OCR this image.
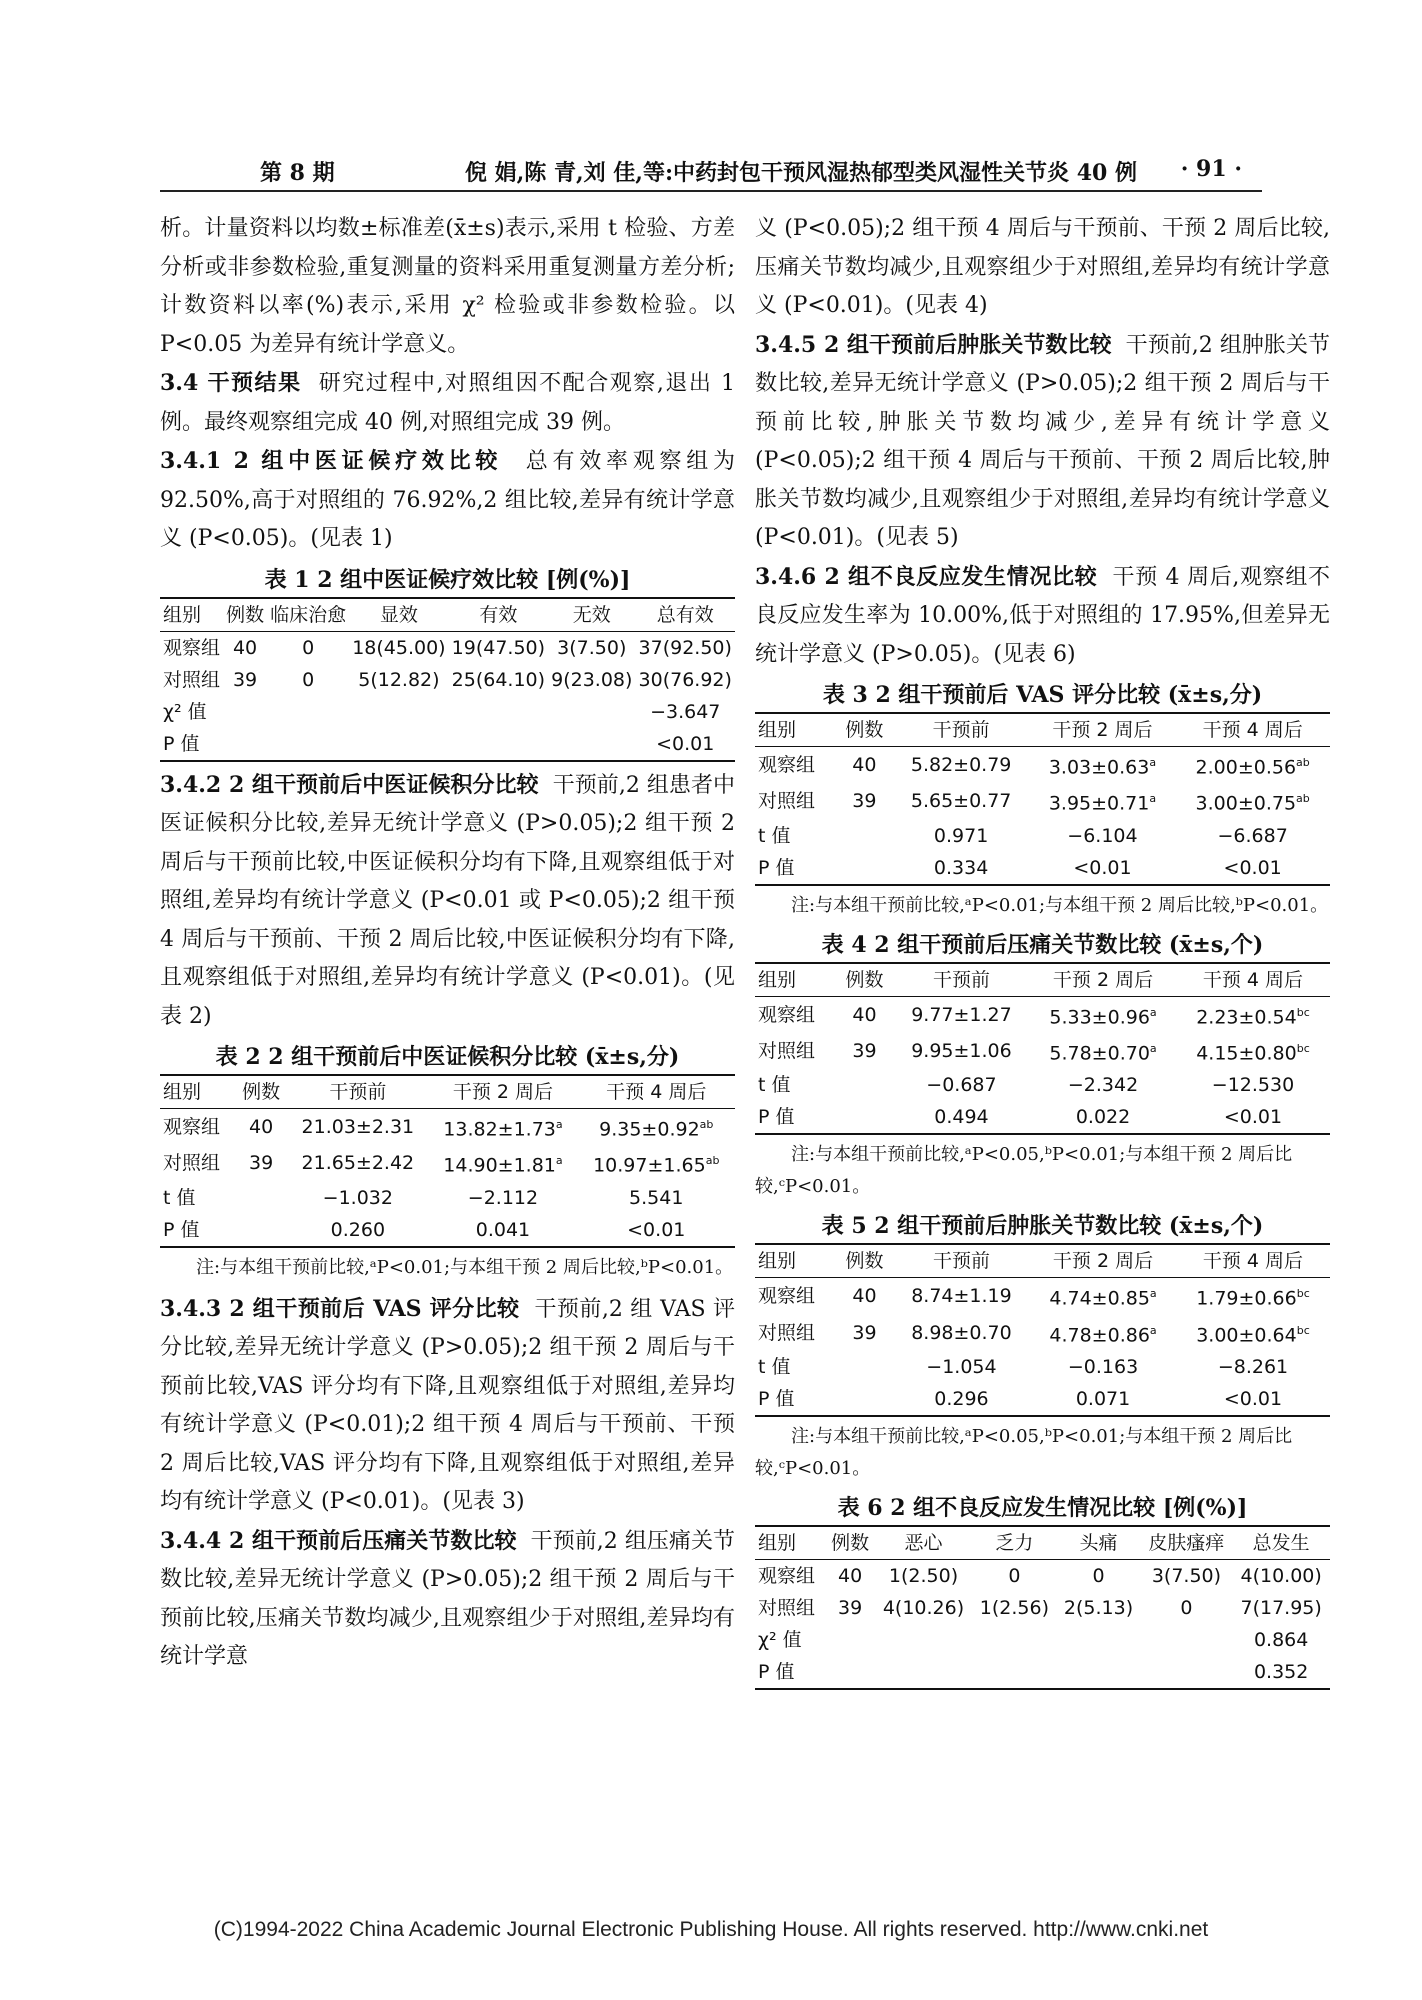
第 8 期	倪 娟,陈 青,刘 佳,等:中药封包干预风湿热郁型类风湿性关节炎 40 例 · 91 ·

析。计量资料以均数±标准差(x̄±s)表示,采用 t 检验、方差分析或非参数检验,重复测量的资料采用重复测量方差分析;计数资料以率(%)表示,采用 χ² 检验或非参数检验。以 P<0.05 为差异有统计学意义。

3.4 干预结果 研究过程中,对照组因不配合观察,退出 1 例。最终观察组完成 40 例,对照组完成 39 例。

3.4.1 2 组中医证候疗效比较 总有效率观察组为 92.50%,高于对照组的 76.92%,2 组比较,差异有统计学意义 (P<0.05)。(见表 1)

表 1 2 组中医证候疗效比较 [例(%)]
组别	例数	临床治愈	显效	有效	无效	总有效
观察组	40	0	18(45.00)	19(47.50)	3(7.50)	37(92.50)
对照组	39	0	5(12.82)	25(64.10)	9(23.08)	30(76.92)
χ² 值						−3.647
P 值						<0.01

3.4.2 2 组干预前后中医证候积分比较 干预前,2 组患者中医证候积分比较,差异无统计学意义 (P>0.05);2 组干预 2 周后与干预前比较,中医证候积分均有下降,且观察组低于对照组,差异均有统计学意义 (P<0.01 或 P<0.05);2 组干预 4 周后与干预前、干预 2 周后比较,中医证候积分均有下降,且观察组低于对照组,差异均有统计学意义 (P<0.01)。(见表 2)

表 2 2 组干预前后中医证候积分比较 (x̄±s,分)
组别	例数	干预前	干预 2 周后	干预 4 周后
观察组	40	21.03±2.31	13.82±1.73$^a$	9.35±0.92$^{ab}$
对照组	39	21.65±2.42	14.90±1.81$^a$	10.97±1.65$^{ab}$
t 值		−1.032	−2.112	5.541
P 值		0.260	0.041	<0.01
注:与本组干预前比较,ᵃP<0.01;与本组干预 2 周后比较,ᵇP<0.01。

3.4.3 2 组干预前后 VAS 评分比较 干预前,2 组 VAS 评分比较,差异无统计学意义 (P>0.05);2 组干预 2 周后与干预前比较,VAS 评分均有下降,且观察组低于对照组,差异均有统计学意义 (P<0.01);2 组干预 4 周后与干预前、干预 2 周后比较,VAS 评分均有下降,且观察组低于对照组,差异均有统计学意义 (P<0.01)。(见表 3)

3.4.4 2 组干预前后压痛关节数比较 干预前,2 组压痛关节数比较,差异无统计学意义 (P>0.05);2 组干预 2 周后与干预前比较,压痛关节数均减少,且观察组少于对照组,差异均有统计学意

义 (P<0.05);2 组干预 4 周后与干预前、干预 2 周后比较,压痛关节数均减少,且观察组少于对照组,差异均有统计学意义 (P<0.01)。(见表 4)

3.4.5 2 组干预前后肿胀关节数比较 干预前,2 组肿胀关节数比较,差异无统计学意义 (P>0.05);2 组干预 2 周后与干预前比较,肿胀关节数均减少,差异有统计学意义 (P<0.05);2 组干预 4 周后与干预前、干预 2 周后比较,肿胀关节数均减少,且观察组少于对照组,差异均有统计学意义 (P<0.01)。(见表 5)

3.4.6 2 组不良反应发生情况比较 干预 4 周后,观察组不良反应发生率为 10.00%,低于对照组的 17.95%,但差异无统计学意义 (P>0.05)。(见表 6)

表 3 2 组干预前后 VAS 评分比较 (x̄±s,分)
组别	例数	干预前	干预 2 周后	干预 4 周后
观察组	40	5.82±0.79	3.03±0.63$^a$	2.00±0.56$^{ab}$
对照组	39	5.65±0.77	3.95±0.71$^a$	3.00±0.75$^{ab}$
t 值		0.971	−6.104	−6.687
P 值		0.334	<0.01	<0.01
注:与本组干预前比较,ᵃP<0.01;与本组干预 2 周后比较,ᵇP<0.01。
表 4 2 组干预前后压痛关节数比较 (x̄±s,个)
组别	例数	干预前	干预 2 周后	干预 4 周后
观察组	40	9.77±1.27	5.33±0.96$^a$	2.23±0.54$^{bc}$
对照组	39	9.95±1.06	5.78±0.70$^a$	4.15±0.80$^{bc}$
t 值		−0.687	−2.342	−12.530
P 值		0.494	0.022	<0.01
注:与本组干预前比较,ᵃP<0.05,ᵇP<0.01;与本组干预 2 周后比较,ᶜP<0.01。
表 5 2 组干预前后肿胀关节数比较 (x̄±s,个)
组别	例数	干预前	干预 2 周后	干预 4 周后
观察组	40	8.74±1.19	4.74±0.85$^a$	1.79±0.66$^{bc}$
对照组	39	8.98±0.70	4.78±0.86$^a$	3.00±0.64$^{bc}$
t 值		−1.054	−0.163	−8.261
P 值		0.296	0.071	<0.01
注:与本组干预前比较,ᵃP<0.05,ᵇP<0.01;与本组干预 2 周后比较,ᶜP<0.01。
表 6 2 组不良反应发生情况比较 [例(%)]
组别	例数	恶心	乏力	头痛	皮肤瘙痒	总发生
观察组	40	1(2.50)	0	0	3(7.50)	4(10.00)
对照组	39	4(10.26)	1(2.56)	2(5.13)	0	7(17.95)
χ² 值						0.864
P 值						0.352
(C)1994-2022 China Academic Journal Electronic Publishing House. All rights reserved. http://www.cnki.net
